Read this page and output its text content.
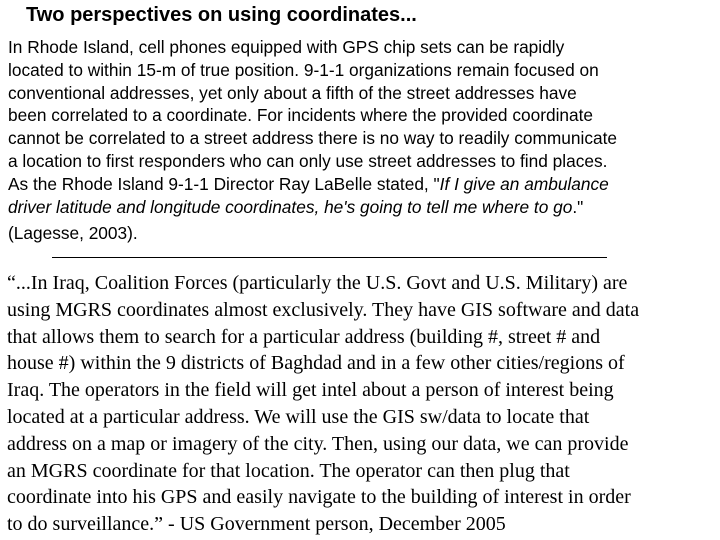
Two perspectives on using coordinates...
In Rhode Island, cell phones equipped with GPS chip sets can be rapidly
located to within 15-m of true position. 9-1-1 organizations remain focused on
conventional addresses, yet only about a fifth of the street addresses have
been correlated to a coordinate. For incidents where the provided coordinate
cannot be correlated to a street address there is no way to readily communicate
a location to first responders who can only use street addresses to find places.
As the Rhode Island 9-1-1 Director Ray LaBelle stated, "If I give an ambulance
driver latitude and longitude coordinates, he's going to tell me where to go."
(Lagesse, 2003).
“...In Iraq, Coalition Forces (particularly the U.S. Govt and U.S. Military) are
using MGRS coordinates almost exclusively. They have GIS software and data
that allows them to search for a particular address (building #, street # and
house #) within the 9 districts of Baghdad and in a few other cities/regions of
Iraq. The operators in the field will get intel about a person of interest being
located at a particular address. We will use the GIS sw/data to locate that
address on a map or imagery of the city. Then, using our data, we can provide
an MGRS coordinate for that location. The operator can then plug that
coordinate into his GPS and easily navigate to the building of interest in order
to do surveillance.” - US Government person, December 2005
